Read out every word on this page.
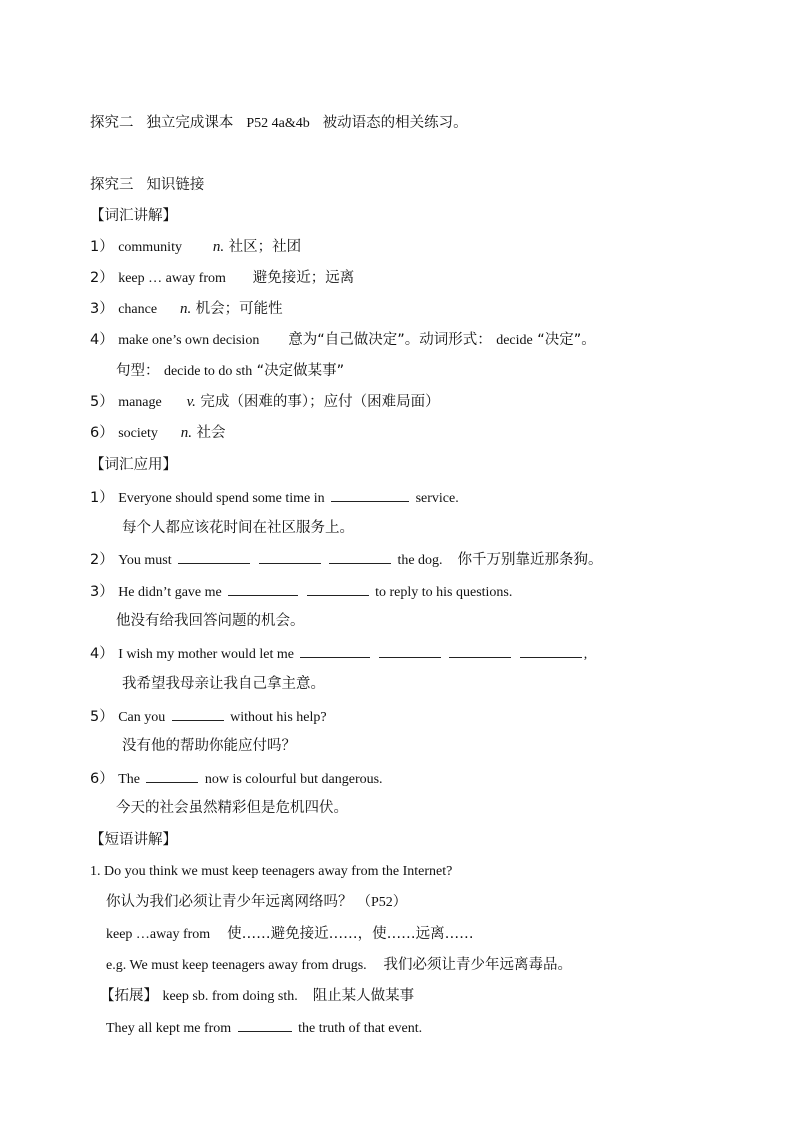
探究二 独立完成课本 P52 4a&4b 被动语态的相关练习。
探究三 知识链接
【词汇讲解】
1） community n. 社区；社团
2） keep … away from 避免接近；远离
3） chance n. 机会；可能性
4） make one’s own decision 意为“自己做决定”。动词形式： decide “决定”。
句型： decide to do sth “决定做某事”
5） manage v. 完成（困难的事）；应付（困难局面）
6） society n. 社会
【词汇应用】
1） Everyone should spend some time in	service.
每个人都应该花时间在社区服务上。
2） You must	the dog. 你千万别靠近那条狗。
3） He didn’t gave me	to reply to his questions.
他没有给我回答问题的机会。
4） I wish my mother would let me	,
我希望我母亲让我自己拿主意。
5） Can you	without his help?
没有他的帮助你能应付吗？
6） The	now is colourful but dangerous.
今天的社会虽然精彩但是危机四伏。
【短语讲解】
1. Do you think we must keep teenagers away from the Internet?
你认为我们必须让青少年远离网络吗？ （P52）
keep …away from 使……避免接近……，使……远离……
e.g. We must keep teenagers away from drugs. 我们必须让青少年远离毒品。
【拓展】 keep sb. from doing sth. 阻止某人做某事
They all kept me from	the truth of that event.
